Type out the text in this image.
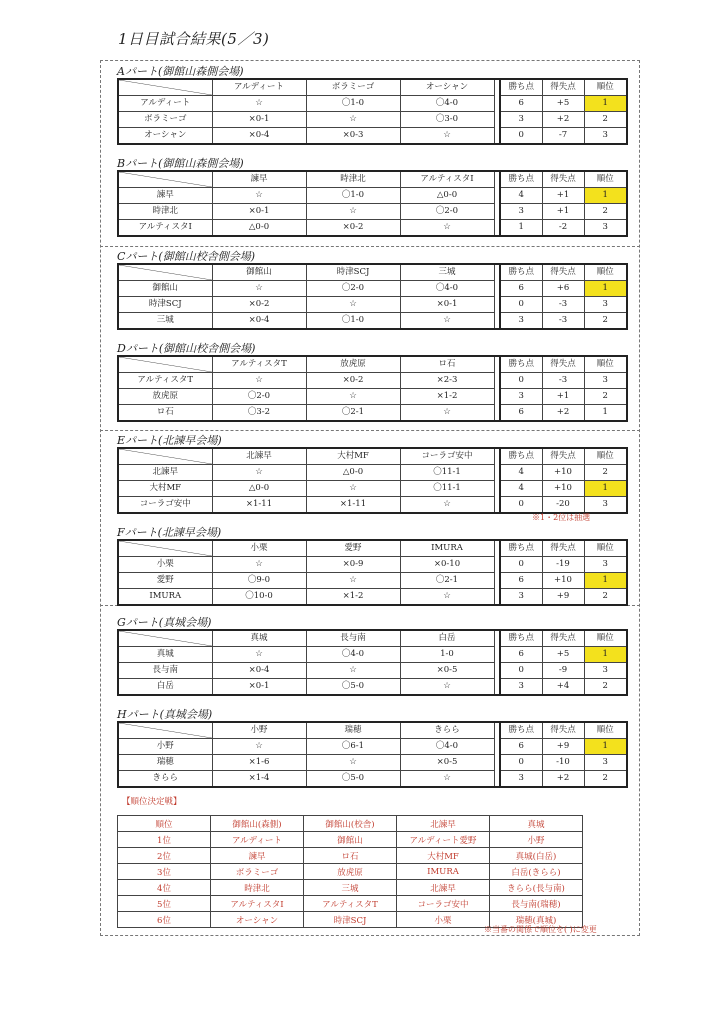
1日目試合結果(5／3)
Aパート(御館山森側会場)
	アルディート	ボラミーゴ	オーシャン		勝ち点	得失点	順位
アルディート	☆	〇1-0	〇4-0		6	+5	1
ボラミーゴ	×0-1	☆	〇3-0		3	+2	2
オーシャン	×0-4	×0-3	☆		0	-7	3
Bパート(御館山森側会場)
	諫早	時津北	アルティスタI		勝ち点	得失点	順位
諫早	☆	〇1-0	△0-0		4	+1	1
時津北	×0-1	☆	〇2-0		3	+1	2
アルティスタI	△0-0	×0-2	☆		1	-2	3
Cパート(御館山校舎側会場)
	御館山	時津SCJ	三城		勝ち点	得失点	順位
御館山	☆	〇2-0	〇4-0		6	+6	1
時津SCJ	×0-2	☆	×0-1		0	-3	3
三城	×0-4	〇1-0	☆		3	-3	2
Dパート(御館山校舎側会場)
	アルティスタT	放虎原	ロ石		勝ち点	得失点	順位
アルティスタT	☆	×0-2	×2-3		0	-3	3
放虎原	〇2-0	☆	×1-2		3	+1	2
ロ石	〇3-2	〇2-1	☆		6	+2	1
Eパート(北諫早会場)
	北諫早	大村MF	コーラゴ安中		勝ち点	得失点	順位
北諫早	☆	△0-0	〇11-1		4	+10	2
大村MF	△0-0	☆	〇11-1		4	+10	1
コーラゴ安中	×1-11	×1-11	☆		0	-20	3
Fパート(北諫早会場)
	小栗	愛野	IMURA		勝ち点	得失点	順位
小栗	☆	×0-9	×0-10		0	-19	3
愛野	〇9-0	☆	〇2-1		6	+10	1
IMURA	〇10-0	×1-2	☆		3	+9	2
Gパート(真城会場)
	真城	長与南	白岳		勝ち点	得失点	順位
真城	☆	〇4-0	1-0		6	+5	1
長与南	×0-4	☆	×0-5		0	-9	3
白岳	×0-1	〇5-0	☆		3	+4	2
Hパート(真城会場)
	小野	瑞穂	きらら		勝ち点	得失点	順位
小野	☆	〇6-1	〇4-0		6	+9	1
瑞穂	×1-6	☆	×0-5		0	-10	3
きらら	×1-4	〇5-0	☆		3	+2	2
※1・2位は抽選
【順位決定戦】
順位	御館山(森側)	御館山(校舎)	北諫早	真城
1位	アルディート	御館山	アルディート愛野	小野
2位	諫早	ロ石	大村MF	真城(白岳)
3位	ボラミーゴ	放虎原	IMURA	白岳(きらら)
4位	時津北	三城	北諫早	きらら(長与南)
5位	アルティスタI	アルティスタT	コーラゴ安中	長与南(瑞穂)
6位	オーシャン	時津SCJ	小栗	瑞穂(真城)
※当番の関係で順位を( )に変更
